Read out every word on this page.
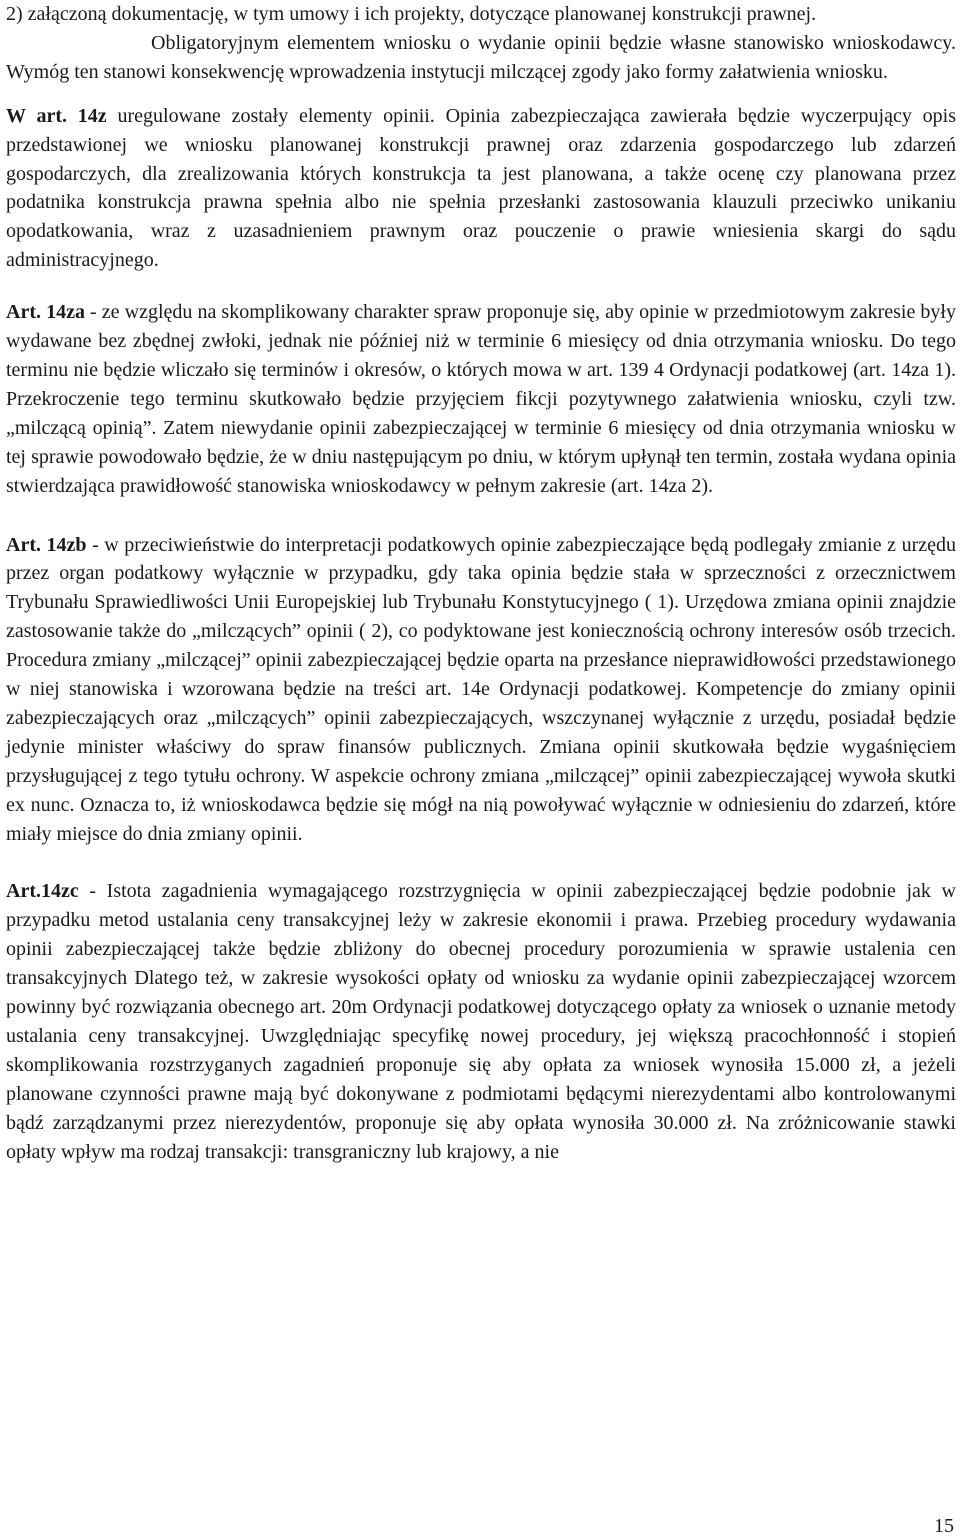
2) załączoną dokumentację, w tym umowy i ich projekty, dotyczące planowanej konstrukcji prawnej.

Obligatoryjnym elementem wniosku o wydanie opinii będzie własne stanowisko wnioskodawcy. Wymóg ten stanowi konsekwencję wprowadzenia instytucji milczącej zgody jako formy załatwienia wniosku.

W art. 14z uregulowane zostały elementy opinii. Opinia zabezpieczająca zawierała będzie wyczerpujący opis przedstawionej we wniosku planowanej konstrukcji prawnej oraz zdarzenia gospodarczego lub zdarzeń gospodarczych, dla zrealizowania których konstrukcja ta jest planowana, a także ocenę czy planowana przez podatnika konstrukcja prawna spełnia albo nie spełnia przesłanki zastosowania klauzuli przeciwko unikaniu opodatkowania, wraz z uzasadnieniem prawnym oraz pouczenie o prawie wniesienia skargi do sądu administracyjnego.

Art. 14za - ze względu na skomplikowany charakter spraw proponuje się, aby opinie w przedmiotowym zakresie były wydawane bez zbędnej zwłoki, jednak nie później niż w terminie 6 miesięcy od dnia otrzymania wniosku. Do tego terminu nie będzie wliczało się terminów i okresów, o których mowa w art. 139 4 Ordynacji podatkowej (art. 14za 1). Przekroczenie tego terminu skutkowało będzie przyjęciem fikcji pozytywnego załatwienia wniosku, czyli tzw. „milczącą opinią”. Zatem niewydanie opinii zabezpieczającej w terminie 6 miesięcy od dnia otrzymania wniosku w tej sprawie powodowało będzie, że w dniu następującym po dniu, w którym upłynął ten termin, została wydana opinia stwierdzająca prawidłowość stanowiska wnioskodawcy w pełnym zakresie (art. 14za 2).

Art. 14zb - w przeciwieństwie do interpretacji podatkowych opinie zabezpieczające będą podlegały zmianie z urzędu przez organ podatkowy wyłącznie w przypadku, gdy taka opinia będzie stała w sprzeczności z orzecznictwem Trybunału Sprawiedliwości Unii Europejskiej lub Trybunału Konstytucyjnego ( 1). Urzędowa zmiana opinii znajdzie zastosowanie także do „milczących” opinii ( 2), co podyktowane jest koniecznością ochrony interesów osób trzecich. Procedura zmiany „milczącej” opinii zabezpieczającej będzie oparta na przesłance nieprawidłowości przedstawionego w niej stanowiska i wzorowana będzie na treści art. 14e Ordynacji podatkowej. Kompetencje do zmiany opinii zabezpieczających oraz „milczących” opinii zabezpieczających, wszczynanej wyłącznie z urzędu, posiadał będzie jedynie minister właściwy do spraw finansów publicznych. Zmiana opinii skutkowała będzie wygaśnięciem przysługującej z tego tytułu ochrony. W aspekcie ochrony zmiana „milczącej” opinii zabezpieczającej wywoła skutki ex nunc. Oznacza to, iż wnioskodawca będzie się mógł na nią powoływać wyłącznie w odniesieniu do zdarzeń, które miały miejsce do dnia zmiany opinii.

Art.14zc - Istota zagadnienia wymagającego rozstrzygnięcia w opinii zabezpieczającej będzie podobnie jak w przypadku metod ustalania ceny transakcyjnej leży w zakresie ekonomii i prawa. Przebieg procedury wydawania opinii zabezpieczającej także będzie zbliżony do obecnej procedury porozumienia w sprawie ustalenia cen transakcyjnych Dlatego też, w zakresie wysokości opłaty od wniosku za wydanie opinii zabezpieczającej wzorcem powinny być rozwiązania obecnego art. 20m Ordynacji podatkowej dotyczącego opłaty za wniosek o uznanie metody ustalania ceny transakcyjnej. Uwzględniając specyfikę nowej procedury, jej większą pracochłonność i stopień skomplikowania rozstrzyganych zagadnień proponuje się aby opłata za wniosek wynosiła 15.000 zł, a jeżeli planowane czynności prawne mają być dokonywane z podmiotami będącymi nierezydentami albo kontrolowanymi bądź zarządzanymi przez nierezydentów, proponuje się aby opłata wynosiła 30.000 zł. Na zróżnicowanie stawki opłaty wpływ ma rodzaj transakcji: transgraniczny lub krajowy, a nie

15
